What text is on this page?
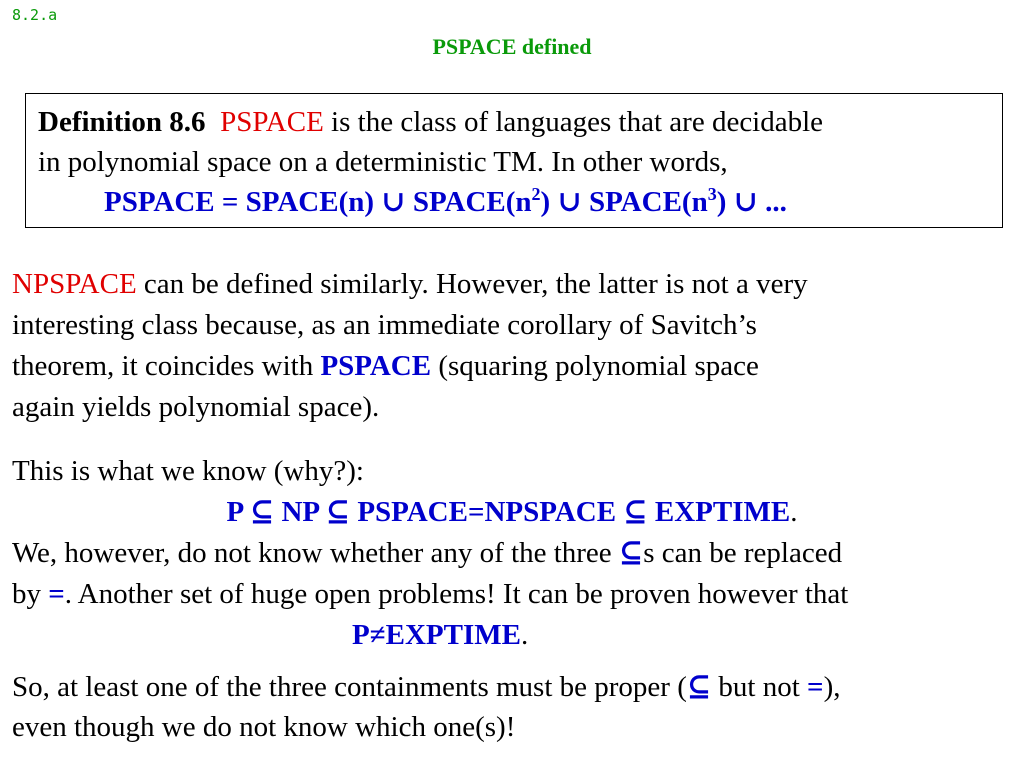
8.2.a
PSPACE defined
Definition 8.6 PSPACE is the class of languages that are decidable
in polynomial space on a deterministic TM. In other words,
PSPACE = SPACE(n) ∪ $SPACE(n^2)$ ∪ $SPACE(n^3)$ ∪ ...
NPSPACE can be defined similarly. However, the latter is not a very
interesting class because, as an immediate corollary of Savitch’s
theorem, it coincides with PSPACE (squaring polynomial space
again yields polynomial space).
This is what we know (why?):
P ⊆ NP ⊆ PSPACE=NPSPACE ⊆ EXPTIME.
We, however, do not know whether any of the three ⊆s can be replaced
by =. Another set of huge open problems! It can be proven however that
P≠EXPTIME.
So, at least one of the three containments must be proper (⊆ but not =),
even though we do not know which one(s)!
